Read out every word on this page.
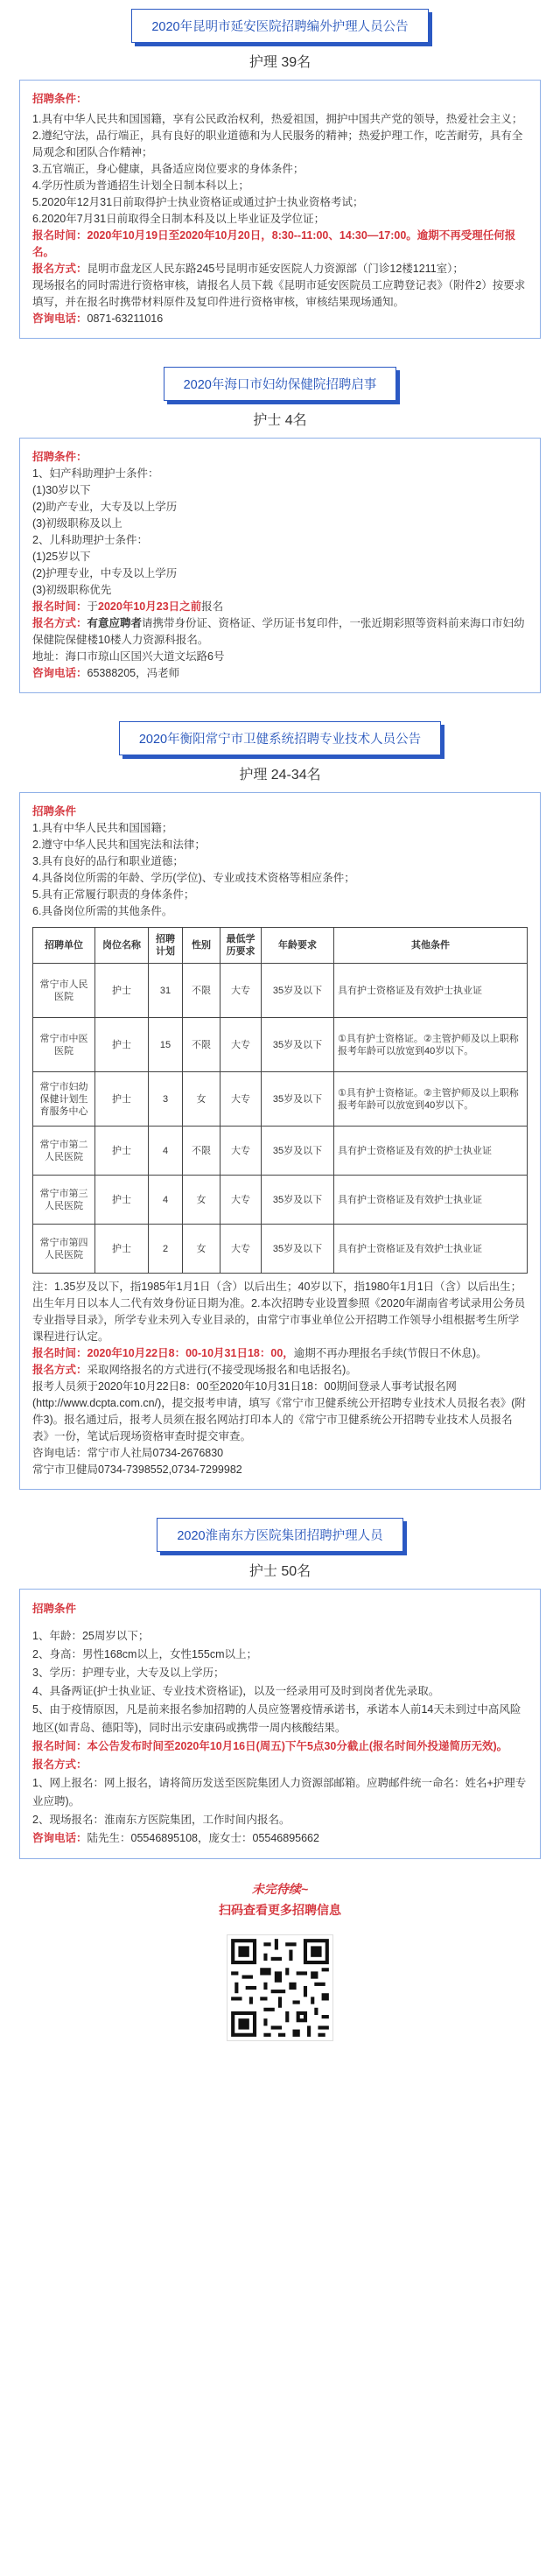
2020年昆明市延安医院招聘编外护理人员公告
护理 39名
招聘条件：
1.具有中华人民共和国国籍，享有公民政治权利，热爱祖国，拥护中国共产党的领导，热爱社会主义；
2.遵纪守法，品行端正，具有良好的职业道德和为人民服务的精神；热爱护理工作，吃苦耐劳，具有全局观念和团队合作精神；
3.五官端正，身心健康，具备适应岗位要求的身体条件；
4.学历性质为普通招生计划全日制本科以上；
5.2020年12月31日前取得护士执业资格证或通过护士执业资格考试；
6.2020年7月31日前取得全日制本科及以上毕业证及学位证；
报名时间：2020年10月19日至2020年10月20日，8:30--11:00、14:30—17:00。逾期不再受理任何报名。
报名方式：昆明市盘龙区人民东路245号昆明市延安医院人力资源部（门诊12楼1211室）；
现场报名的同时需进行资格审核，请报名人员下载《昆明市延安医院员工应聘登记表》（附件2）按要求填写，并在报名时携带材料原件及复印件进行资格审核，审核结果现场通知。
咨询电话：0871-63211016
2020年海口市妇幼保健院招聘启事
护士 4名
招聘条件：
1、妇产科助理护士条件：
(1)30岁以下
(2)助产专业，大专及以上学历
(3)初级职称及以上
2、儿科助理护士条件：
(1)25岁以下
(2)护理专业，中专及以上学历
(3)初级职称优先
报名时间：于2020年10月23日之前报名
报名方式：有意应聘者请携带身份证、资格证、学历证书复印件，一张近期彩照等资料前来海口市妇幼保健院保健楼10楼人力资源科报名。
地址：海口市琼山区国兴大道文坛路6号
咨询电话：65388205，冯老师
2020年衡阳常宁市卫健系统招聘专业技术人员公告
护理 24-34名
招聘条件
1.具有中华人民共和国国籍；
2.遵守中华人民共和国宪法和法律；
3.具有良好的品行和职业道德；
4.具备岗位所需的年龄、学历(学位)、专业或技术资格等相应条件；
5.具有正常履行职责的身体条件；
6.具备岗位所需的其他条件。
招聘单位	岗位名称	招聘计划	性别	最低学历要求	年龄要求	其他条件
常宁市人民医院	护士	31	不限	大专	35岁及以下	具有护士资格证及有效护士执业证
常宁市中医医院	护士	15	不限	大专	35岁及以下	①具有护士资格证。②主管护师及以上职称报考年龄可以放宽到40岁以下。
常宁市妇幼保健计划生育服务中心	护士	3	女	大专	35岁及以下	①具有护士资格证。②主管护师及以上职称报考年龄可以放宽到40岁以下。
常宁市第二人民医院	护士	4	不限	大专	35岁及以下	具有护士资格证及有效的护士执业证
常宁市第三人民医院	护士	4	女	大专	35岁及以下	具有护士资格证及有效护士执业证
常宁市第四人民医院	护士	2	女	大专	35岁及以下	具有护士资格证及有效护士执业证
注：1.35岁及以下，指1985年1月1日（含）以后出生；40岁以下，指1980年1月1日（含）以后出生；出生年月日以本人二代有效身份证日期为准。2.本次招聘专业设置参照《2020年湖南省考试录用公务员专业指导目录》，所学专业未列入专业目录的，由常宁市事业单位公开招聘工作领导小组根据考生所学课程进行认定。
报名时间：2020年10月22日8：00-10月31日18：00，逾期不再办理报名手续(节假日不休息)。
报名方式：采取网络报名的方式进行(不接受现场报名和电话报名)。
报考人员须于2020年10月22日8：00至2020年10月31日18：00期间登录人事考试报名网(http://www.dcpta.com.cn/)，提交报考申请，填写《常宁市卫健系统公开招聘专业技术人员报名表》(附件3)。报名通过后，报考人员须在报名网站打印本人的《常宁市卫健系统公开招聘专业技术人员报名表》一份，笔试后现场资格审查时提交审查。
咨询电话：常宁市人社局0734-2676830
常宁市卫健局0734-7398552,0734-7299982
2020淮南东方医院集团招聘护理人员
护士 50名
招聘条件
1、年龄：25周岁以下；
2、身高：男性168cm以上，女性155cm以上；
3、学历：护理专业，大专及以上学历；
4、具备两证(护士执业证、专业技术资格证)，以及一经录用可及时到岗者优先录取。
5、由于疫情原因，凡是前来报名参加招聘的人员应签署疫情承诺书，承诺本人前14天未到过中高风险地区(如青岛、德阳等)，同时出示安康码或携带一周内核酸结果。
报名时间：本公告发布时间至2020年10月16日(周五)下午5点30分截止(报名时间外投递简历无效)。
报名方式：
1、网上报名：网上报名，请将简历发送至医院集团人力资源部邮箱。应聘邮件统一命名：姓名+护理专业应聘)。
2、现场报名：淮南东方医院集团，工作时间内报名。
咨询电话：陆先生：05546895108，庞女士：05546895662
未完待续~
扫码查看更多招聘信息
